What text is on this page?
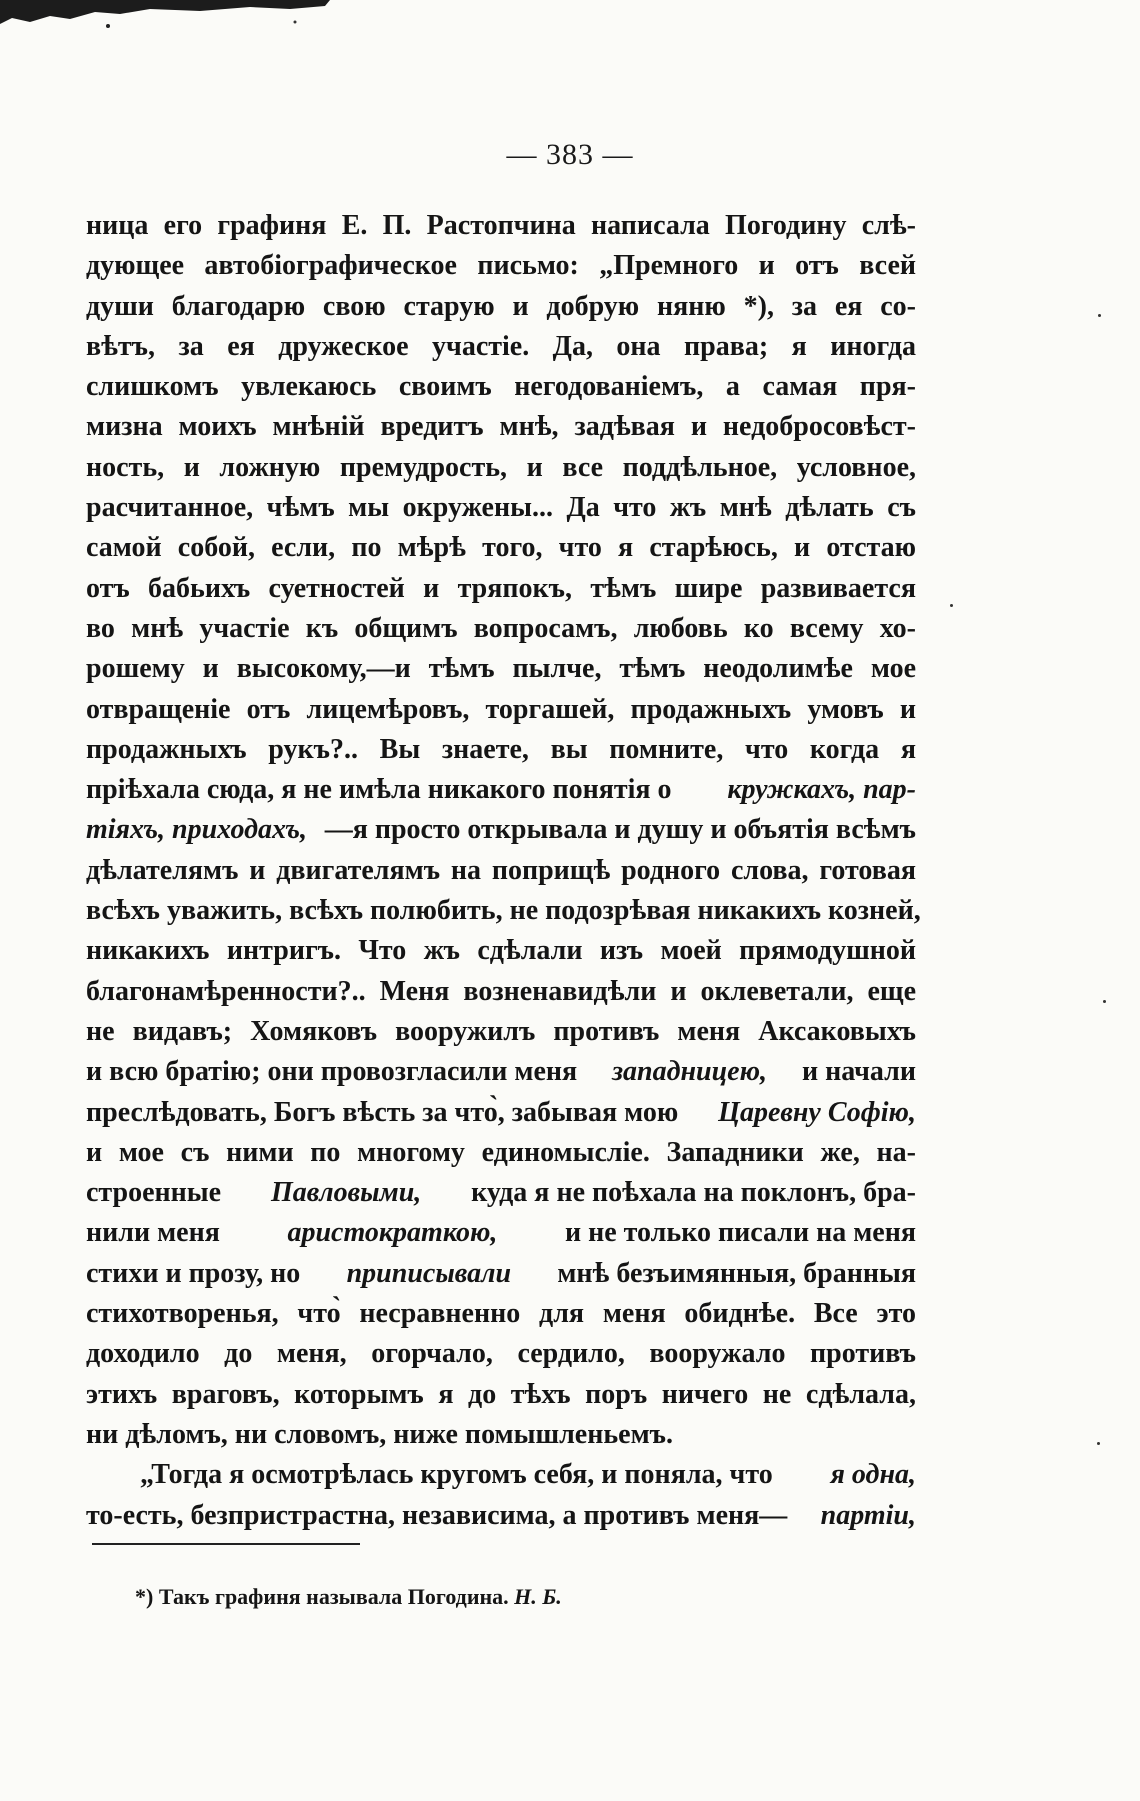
— 383 —
ница его графиня Е. П. Растопчина написала Погодину слѣ-
дующее автобіографическое письмо: „Премного и отъ всей
души благодарю свою старую и добрую няню *), за ея со-
вѣтъ, за ея дружеское участіе. Да, она права; я иногда
слишкомъ увлекаюсь своимъ негодованіемъ, а самая пря-
мизна моихъ мнѣній вредитъ мнѣ, задѣвая и недобросовѣст-
ность, и ложную премудрость, и все поддѣльное, условное,
расчитанное, чѣмъ мы окружены... Да что жъ мнѣ дѣлать съ
самой собой, если, по мѣрѣ того, что я старѣюсь, и отстаю
отъ бабьихъ суетностей и тряпокъ, тѣмъ шире развивается
во мнѣ участіе къ общимъ вопросамъ, любовь ко всему хо-
рошему и высокому,—и тѣмъ пылче, тѣмъ неодолимѣе мое
отвращеніе отъ лицемѣровъ, торгашей, продажныхъ умовъ и
продажныхъ рукъ?.. Вы знаете, вы помните, что когда я
пріѣхала сюда, я не имѣла никакого понятія о кружкахъ, пар-
тіяхъ, приходахъ, —я просто открывала и душу и объятія всѣмъ
дѣлателямъ и двигателямъ на поприщѣ родного слова, готовая
всѣхъ уважить, всѣхъ полюбить, не подозрѣвая никакихъ козней,
никакихъ интригъ. Что жъ сдѣлали изъ моей прямодушной
благонамѣренности?.. Меня возненавидѣли и оклеветали, еще
не видавъ; Хомяковъ вооружилъ противъ меня Аксаковыхъ
и всю братію; они провозгласили меня западницею, и начали
преслѣдовать, Богъ вѣсть за что̀, забывая мою Царевну Софію,
и мое съ ними по многому единомысліе. Западники же, на-
строенные Павловыми, куда я не поѣхала на поклонъ, бра-
нили меня аристократкою, и не только писали на меня
стихи и прозу, но приписывали мнѣ безъимянныя, бранныя
стихотворенья, что̀ несравненно для меня обиднѣе. Все это
доходило до меня, огорчало, сердило, вооружало противъ
этихъ враговъ, которымъ я до тѣхъ поръ ничего не сдѣлала,
ни дѣломъ, ни словомъ, ниже помышленьемъ.
„Тогда я осмотрѣлась кругомъ себя, и поняла, что я одна,
то-есть, безпристрастна, независима, а противъ меня— партіи,
*) Такъ графиня называла Погодина. Н. Б.
